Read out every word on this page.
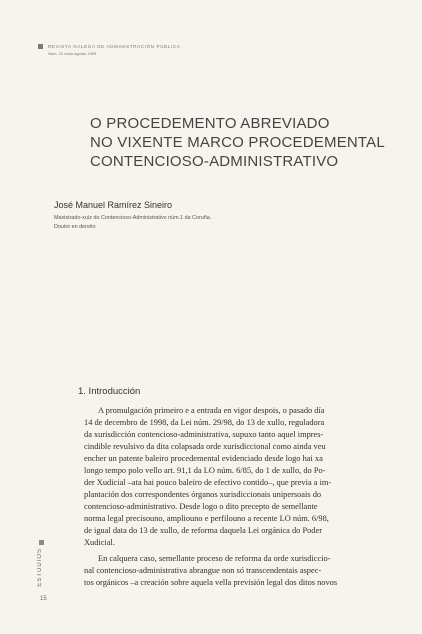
REVISTA GALEGA DE ADMINISTRACIÓN PÚBLICA
Núm. 22 maio-agosto 1999
O PROCEDEMENTO ABREVIADO
NO VIXENTE MARCO PROCEDEMENTAL
CONTENCIOSO-ADMINISTRATIVO
José Manuel Ramírez Sineiro
Maxistrado-xuíz do Contencioso-Administrativo núm.1 da Coruña.
Doutor en dereito
1. Introducción
A promulgación primeiro e a entrada en vigor despois, o pasado día
14 de decembro de 1998, da Lei núm. 29/98, do 13 de xullo, reguladora
da xurisdicción contencioso-administrativa, supuxo tanto aquel impres-
cindible revulsivo da dita colapsada orde xurisdiccional como ainda veu
encher un patente baleiro procedemental evidenciado desde logo hai xa
longo tempo polo vello art. 91,1 da LO núm. 6/85, do 1 de xullo, do Po-
der Xudicial –ata hai pouco baleiro de efectivo contido–, que previa a im-
plantación dos correspondentes órganos xurisdiccionais unipersoais do
contencioso-administrativo. Desde logo o dito precepto de semellante
norma legal precisouno, ampliouno e perfilouno a recente LO núm. 6/98,
de igual data do 13 de xullo, de reforma daquela Lei orgánica do Poder
Xudicial.
En calquera caso, semellante proceso de reforma da orde xurisdiccio-
nal contencioso-administrativa abrangue non só transcendentais aspec-
tos orgánicos –a creación sobre aquela vella previsión legal dos ditos novos
ESTUDIOS
15
